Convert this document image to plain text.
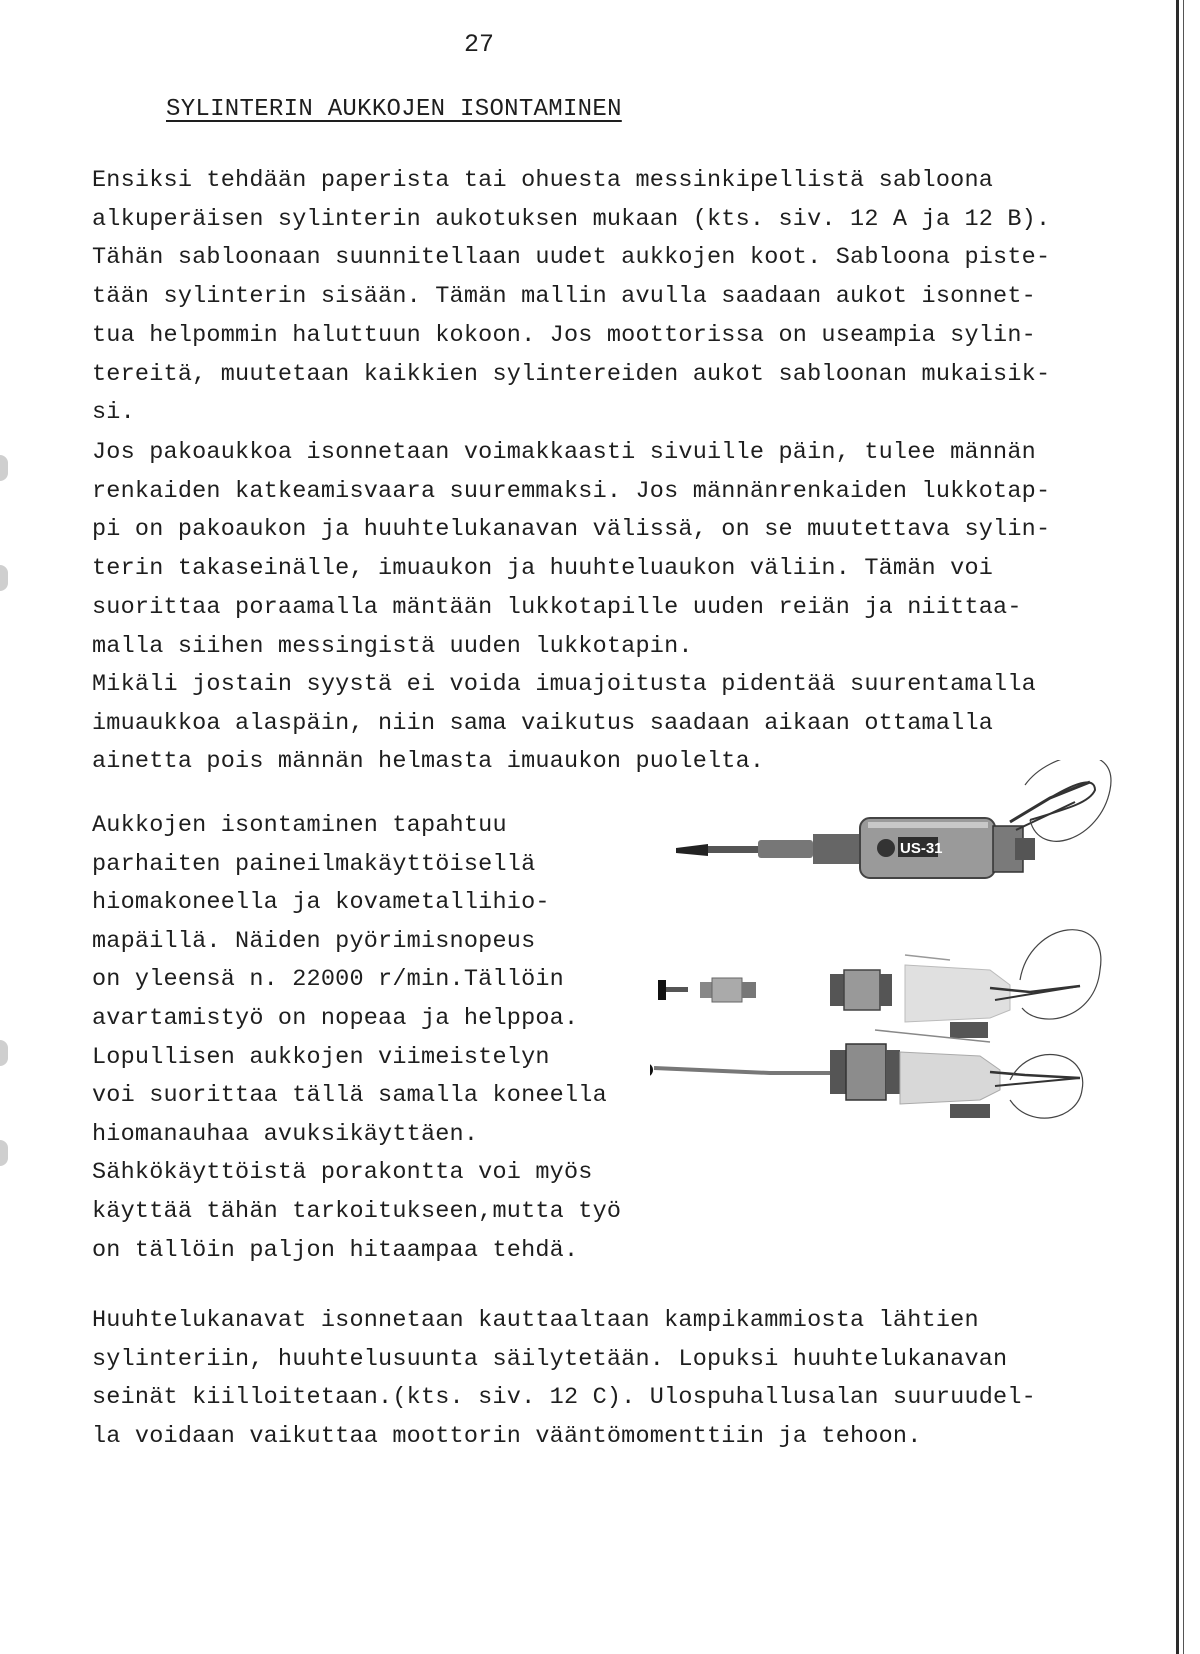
27
SYLINTERIN AUKKOJEN ISONTAMINEN
Ensiksi tehdään paperista tai ohuesta messinkipellistä sabloona
alkuperäisen sylinterin aukotuksen mukaan (kts. siv. 12 A ja 12 B).
Tähän sabloonaan suunnitellaan uudet aukkojen koot. Sabloona piste-
tään sylinterin sisään. Tämän mallin avulla saadaan aukot isonnet-
tua helpommin haluttuun kokoon. Jos moottorissa on useampia sylin-
tereitä, muutetaan kaikkien sylintereiden aukot sabloonan mukaisik-
si.
Jos pakoaukkoa isonnetaan voimakkaasti sivuille päin, tulee männän
renkaiden katkeamisvaara suuremmaksi. Jos männänrenkaiden lukkotap-
pi on pakoaukon ja huuhtelukanavan välissä, on se muutettava sylin-
terin takaseinälle, imuaukon ja huuhteluaukon väliin. Tämän voi
suorittaa poraamalla mäntään lukkotapille uuden reiän ja niittaa-
malla siihen messingistä uuden lukkotapin.
Mikäli jostain syystä ei voida imuajoitusta pidentää suurentamalla
imuaukkoa alaspäin, niin sama vaikutus saadaan aikaan ottamalla
ainetta pois männän helmasta imuaukon puolelta.
Aukkojen isontaminen tapahtuu
parhaiten paineilmakäyttöisellä
hiomakoneella ja kovametallihio-
mapäillä. Näiden pyörimisnopeus
on yleensä n. 22000 r/min.Tällöin
avartamistyö on nopeaa ja helppoa.
Lopullisen aukkojen viimeistelyn
voi suorittaa tällä samalla koneella
hiomanauhaa avuksikäyttäen.
Sähkökäyttöistä porakontta voi myös
käyttää tähän tarkoitukseen,mutta työ
on tällöin paljon hitaampaa tehdä.
Huuhtelukanavat isonnetaan kauttaaltaan kampikammiosta lähtien
sylinteriin, huuhtelusuunta säilytetään. Lopuksi huuhtelukanavan
seinät kiilloitetaan.(kts. siv. 12 C). Ulospuhallusalan suuruudel-
la voidaan vaikuttaa moottorin vääntömomenttiin ja tehoon.
US-31
